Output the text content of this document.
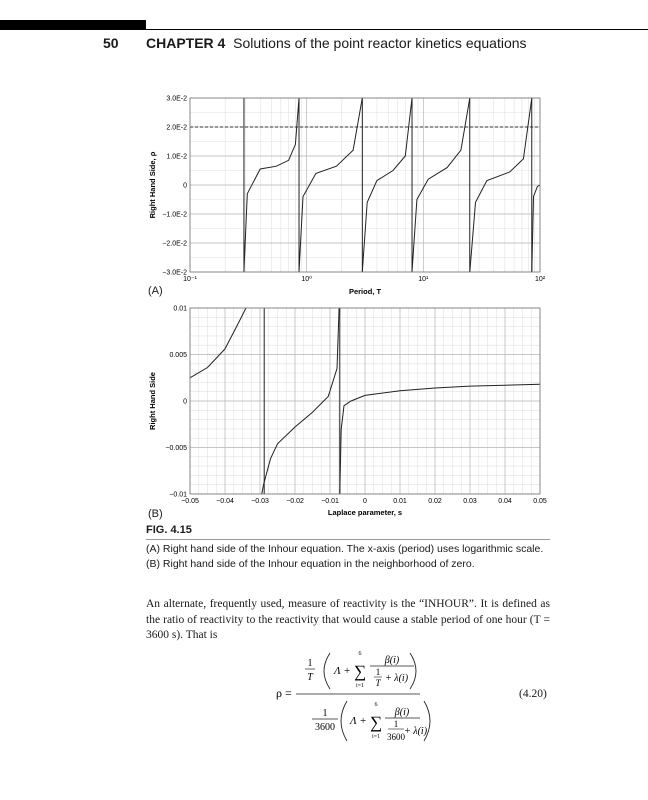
50 CHAPTER 4 Solutions of the point reactor kinetics equations
−3.0E-2
−2.0E-2
−1.0E-2
0
1.0E-2
2.0E-2
3.0E-2
10⁻¹	10⁰	10¹	10²
Period, T
Right Hand Side, ρ
(A)
−0.01
−0.005
0
0.005
0.01
−0.05 −0.04 −0.03 −0.02 −0.01	0	0.01	0.02	0.03	0.04	0.05
Laplace parameter, s
Right Hand Side
(B)
FIG. 4.15
(A) Right hand side of the Inhour equation. The x-axis (period) uses logarithmic scale. (B) Right hand side of the Inhour equation in the neighborhood of zero.
An alternate, frequently used, measure of reactivity is the “INHOUR”. It is defined as the ratio of reactivity to the reactivity that would cause a stable period of one hour (T = 3600 s). That is
ρ =
1
T
Λ +
6
∑
i=1
β(i)
1
T + λ(i)
1
3600
Λ +
6
∑
i=1
β(i)
1
3600 + λ(i)
(4.20)
